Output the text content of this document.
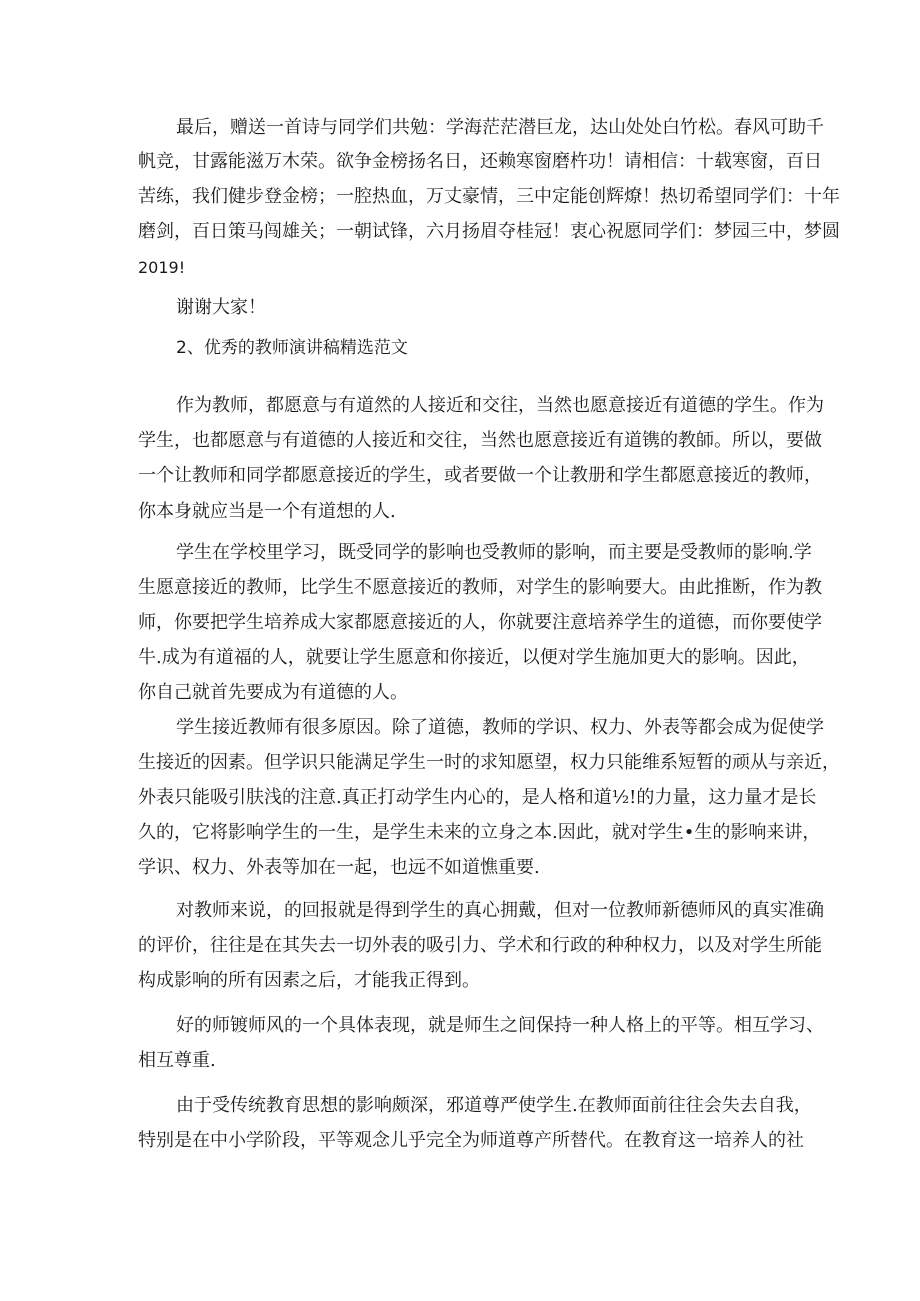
最后，赠送一首诗与同学们共勉：学海茫茫潜巨龙，达山处处白竹松。春风可助千
帆竞，甘露能滋万木荣。欲争金榜扬名日，还赖寒窗磨杵功！请相信：十载寒窗，百日
苦练，我们健步登金榜；一腔热血，万丈豪情，三中定能创辉燎！热切希望同学们：十年
磨剑，百日策马闯雄关；一朝试锋，六月扬眉夺桂冠！衷心祝愿同学们：梦园三中，梦圆
2019!
谢谢大家！
2、优秀的教师演讲稿精选范文
作为教师，都愿意与有道然的人接近和交往，当然也愿意接近有道德的学生。作为
学生，也都愿意与有道德的人接近和交往，当然也愿意接近有道镌的教師。所以，要做
一个让教师和同学都愿意接近的学生，或者要做一个让教册和学生都愿意接近的教师，
你本身就应当是一个有道想的人.
学生在学校里学习，既受同学的影响也受教师的影响，而主要是受教师的影响.学
生愿意接近的教师，比学生不愿意接近的教师，对学生的影响要大。由此推断，作为教
师，你要把学生培养成大家都愿意接近的人，你就要注意培养学生的道德，而你要使学
牛.成为有道福的人，就要让学生愿意和你接近，以便对学生施加更大的影响。因此，
你自己就首先要成为有道德的人。
学生接近教师有很多原因。除了道德，教师的学识、权力、外表等都会成为促使学
生接近的因素。但学识只能满足学生一时的求知愿望，权力只能维系短暂的顽从与亲近，
外表只能吸引肤浅的注意.真正打动学生内心的，是人格和道½!的力量，这力量才是长
久的，它将影响学生的一生，是学生未来的立身之本.因此，就对学生•生的影响来讲，
学识、权力、外表等加在一起，也远不如道憔重要.
对教师来说，的回报就是得到学生的真心拥戴，但对一位教师新德师风的真实准确
的评价，往往是在其失去一切外表的吸引力、学术和行政的种种权力，以及对学生所能
构成影响的所有因素之后，才能我正得到。
好的师镀师风的一个具体表现，就是师生之间保持一种人格上的平等。相互学习、
相互尊重.
由于受传统教育思想的影响颇深，邪道尊严使学生.在教师面前往往会失去自我，
特别是在中小学阶段，平等观念儿乎完全为师道尊产所替代。在教育这一培养人的社
